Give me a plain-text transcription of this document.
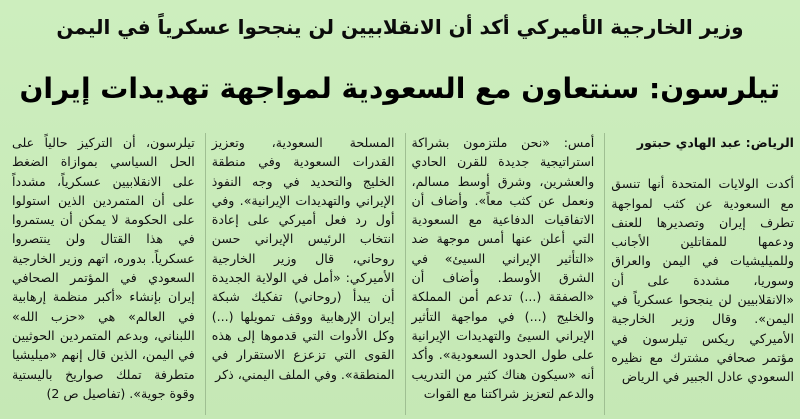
وزير الخارجية الأميركي أكد أن الانقلابيين لن ينجحوا عسكرياً في اليمن
تيلرسون: سنتعاون مع السعودية لمواجهة تهديدات إيران

الرياض: عبد الهادي حبتور

أكدت الولايات المتحدة أنها تنسق مع السعودية عن كثب لمواجهة تطرف إيران وتصديرها للعنف ودعمها للمقاتلين الأجانب وللميليشيات في اليمن والعراق وسوريا، مشددة على أن «الانقلابيين لن ينجحوا عسكرياً في اليمن». وقال وزير الخارجية الأميركي ريكس تيلرسون في مؤتمر صحافي مشترك مع نظيره السعودي عادل الجبير في الرياض

أمس: «نحن ملتزمون بشراكة استراتيجية جديدة للقرن الحادي والعشرين، وشرق أوسط مسالم، ونعمل عن كثب معاً». وأضاف أن الاتفاقيات الدفاعية مع السعودية التي أعلن عنها أمس موجهة ضد «التأثير الإيراني السيئ» في الشرق الأوسط. وأضاف أن «الصفقة (...) تدعم أمن المملكة والخليج (...) في مواجهة التأثير الإيراني السيئ والتهديدات الإيرانية على طول الحدود السعودية». وأكد أنه «سيكون هناك كثير من التدريب والدعم لتعزيز شراكتنا مع القوات

المسلحة السعودية، وتعزيز القدرات السعودية وفي منطقة الخليج والتحديد في وجه النفوذ الإيراني والتهديدات الإيرانية». وفي أول رد فعل أميركي على إعادة انتخاب الرئيس الإيراني حسن روحاني، قال وزير الخارجية الأميركي: «أمل في الولاية الجديدة أن يبدأ (روحاني) تفكيك شبكة إيران الإرهابية ووقف تمويلها (...) وكل الأدوات التي قدموها إلى هذه القوى التي تزعزع الاستقرار في المنطقة». وفي الملف اليمني، ذكر

تيلرسون، أن التركيز حالياً على الحل السياسي بموازاة الضغط على الانقلابيين عسكرياً، مشدداً على أن المتمردين الذين استولوا على الحكومة لا يمكن أن يستمروا في هذا القتال ولن ينتصروا عسكرياً. بدوره، اتهم وزير الخارجية السعودي في المؤتمر الصحافي إيران بإنشاء «أكبر منظمة إرهابية في العالم» هي «حزب الله» اللبناني، وبدعم المتمردين الحوثيين في اليمن، الذين قال إنهم «ميليشيا متطرفة تملك صواريخ باليستية وقوة جوية». (تفاصيل ص 2)
